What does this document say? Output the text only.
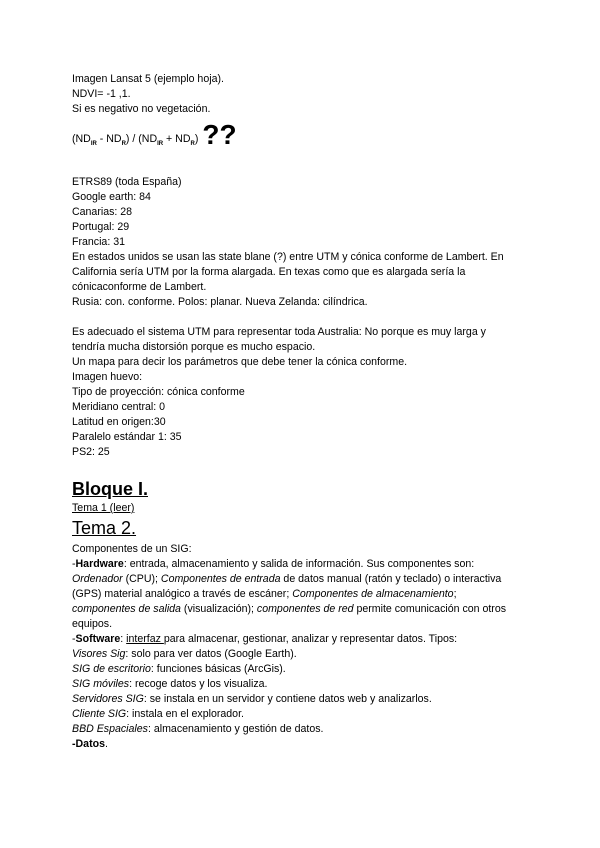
Imagen Lansat 5 (ejemplo hoja).
NDVI= -1 ,1.
Si es negativo no vegetación.
$(ND_{IR} - ND_R) / (ND_{IR} + ND_R)$ ??
ETRS89 (toda España)
Google earth: 84
Canarias: 28
Portugal: 29
Francia: 31
En estados unidos se usan las state blane (?) entre UTM y cónica conforme de Lambert. En
California sería UTM por la forma alargada. En texas como que es alargada sería la
cónicaconforme de Lambert.
Rusia: con. conforme. Polos: planar. Nueva Zelanda: cilíndrica.
Es adecuado el sistema UTM para representar toda Australia: No porque es muy larga y
tendría mucha distorsión porque es mucho espacio.
Un mapa para decir los parámetros que debe tener la cónica conforme.
Imagen huevo:
Tipo de proyección: cónica conforme
Meridiano central: 0
Latitud en origen:30
Paralelo estándar 1: 35
PS2: 25
Bloque I.
Tema 1 (leer)
Tema 2.
Componentes de un SIG:
-Hardware: entrada, almacenamiento y salida de información. Sus componentes son:
Ordenador (CPU); Componentes de entrada de datos manual (ratón y teclado) o interactiva
(GPS) material analógico a través de escáner; Componentes de almacenamiento;
componentes de salida (visualización); componentes de red permite comunicación con otros
equipos.
-Software: interfaz para almacenar, gestionar, analizar y representar datos. Tipos:
Visores Sig: solo para ver datos (Google Earth).
SIG de escritorio: funciones básicas (ArcGis).
SIG móviles: recoge datos y los visualiza.
Servidores SIG: se instala en un servidor y contiene datos web y analizarlos.
Cliente SIG: instala en el explorador.
BBD Espaciales: almacenamiento y gestión de datos.
-Datos.
